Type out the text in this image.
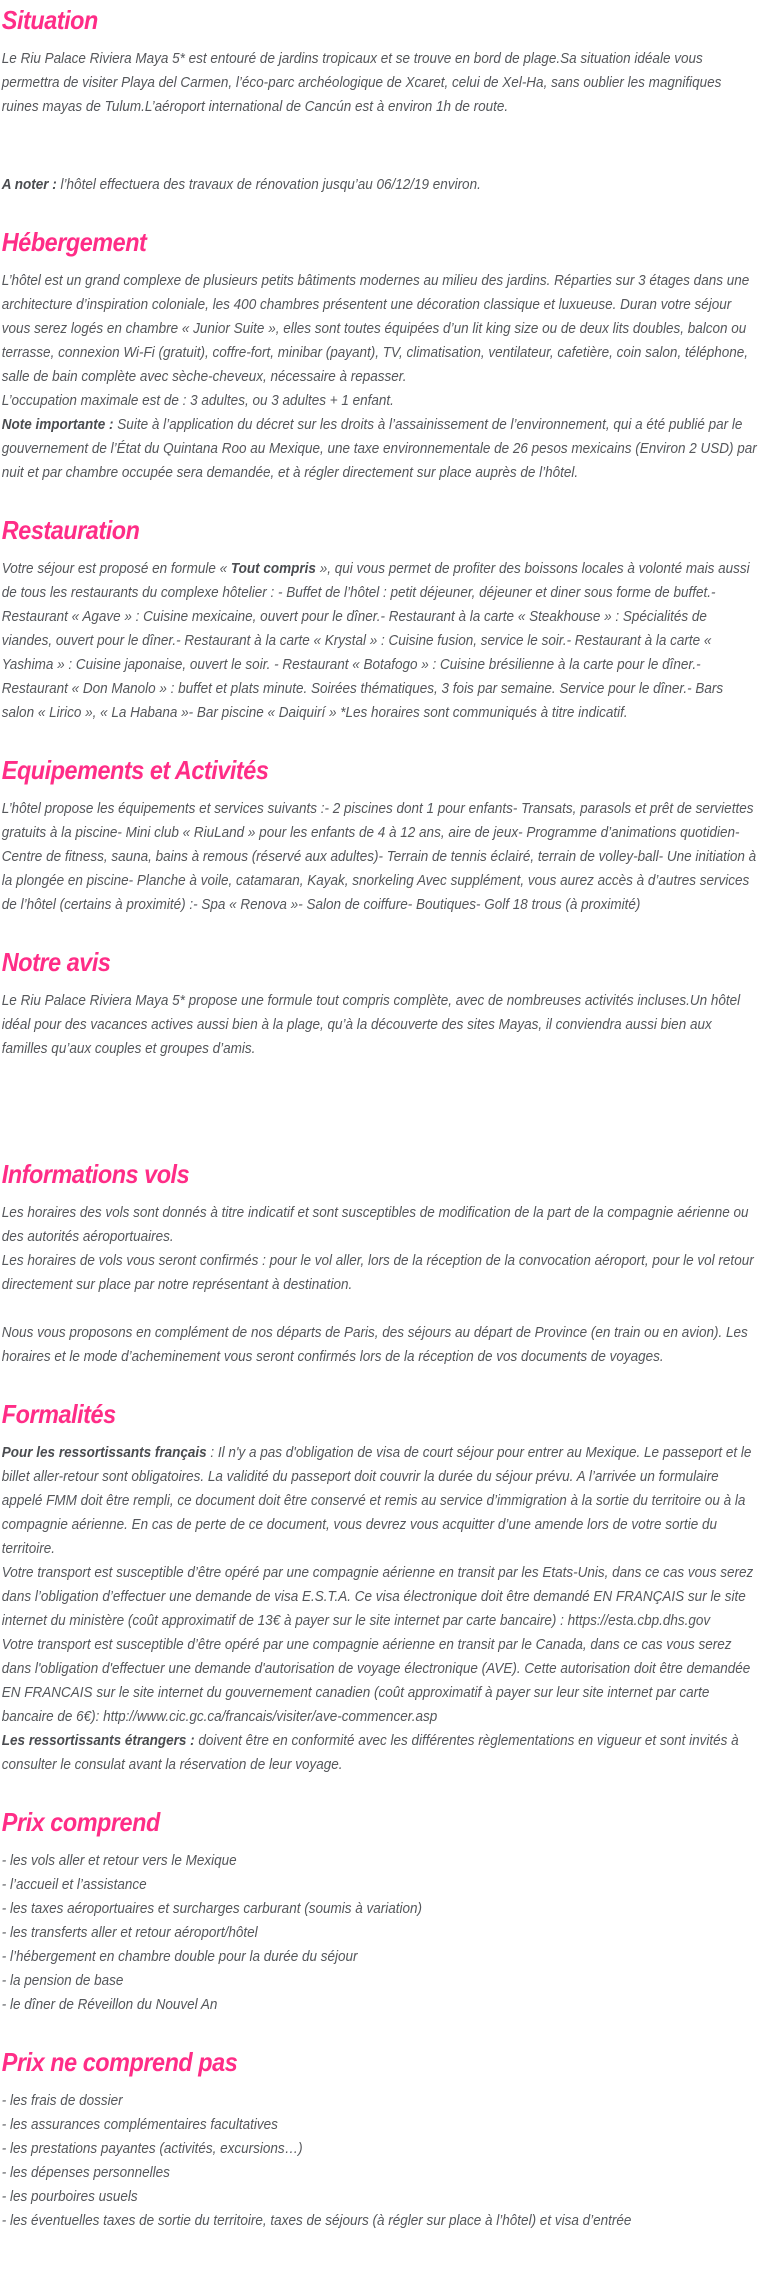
Situation

Le Riu Palace Riviera Maya 5* est entouré de jardins tropicaux et se trouve en bord de plage.Sa situation idéale vous permettra de visiter Playa del Carmen, l’éco-parc archéologique de Xcaret, celui de Xel-Ha, sans oublier les magnifiques ruines mayas de Tulum.L’aéroport international de Cancún est à environ 1h de route.

A noter : l’hôtel effectuera des travaux de rénovation jusqu’au 06/12/19 environ.

Hébergement

L’hôtel est un grand complexe de plusieurs petits bâtiments modernes au milieu des jardins. Réparties sur 3 étages dans une architecture d’inspiration coloniale, les 400 chambres présentent une décoration classique et luxueuse. Duran votre séjour vous serez logés en chambre « Junior Suite », elles sont toutes équipées d’un lit king size ou de deux lits doubles, balcon ou terrasse, connexion Wi-Fi (gratuit), coffre-fort, minibar (payant), TV, climatisation, ventilateur, cafetière, coin salon, téléphone, salle de bain complète avec sèche-cheveux, nécessaire à repasser.

L’occupation maximale est de : 3 adultes, ou 3 adultes + 1 enfant.

Note importante : Suite à l’application du décret sur les droits à l’assainissement de l’environnement, qui a été publié par le gouvernement de l’État du Quintana Roo au Mexique, une taxe environnementale de 26 pesos mexicains (Environ 2 USD) par nuit et par chambre occupée sera demandée, et à régler directement sur place auprès de l’hôtel.

Restauration

Votre séjour est proposé en formule « Tout compris », qui vous permet de profiter des boissons locales à volonté mais aussi de tous les restaurants du complexe hôtelier : - Buffet de l’hôtel : petit déjeuner, déjeuner et diner sous forme de buffet.- Restaurant « Agave » : Cuisine mexicaine, ouvert pour le dîner.- Restaurant à la carte « Steakhouse » : Spécialités de viandes, ouvert pour le dîner.- Restaurant à la carte « Krystal » : Cuisine fusion, service le soir.- Restaurant à la carte « Yashima » : Cuisine japonaise, ouvert le soir. - Restaurant « Botafogo » : Cuisine brésilienne à la carte pour le dîner.- Restaurant « Don Manolo » : buffet et plats minute. Soirées thématiques, 3 fois par semaine. Service pour le dîner.- Bars salon « Lirico », « La Habana »- Bar piscine « Daiquirí » *Les horaires sont communiqués à titre indicatif.

Equipements et Activités

L’hôtel propose les équipements et services suivants :- 2 piscines dont 1 pour enfants- Transats, parasols et prêt de serviettes gratuits à la piscine- Mini club « RiuLand » pour les enfants de 4 à 12 ans, aire de jeux- Programme d’animations quotidien- Centre de fitness, sauna, bains à remous (réservé aux adultes)- Terrain de tennis éclairé, terrain de volley-ball- Une initiation à la plongée en piscine- Planche à voile, catamaran, Kayak, snorkeling Avec supplément, vous aurez accès à d’autres services de l’hôtel (certains à proximité) :- Spa « Renova »- Salon de coiffure- Boutiques- Golf 18 trous (à proximité)

Notre avis

Le Riu Palace Riviera Maya 5* propose une formule tout compris complète, avec de nombreuses activités incluses.Un hôtel idéal pour des vacances actives aussi bien à la plage, qu’à la découverte des sites Mayas, il conviendra aussi bien aux familles qu’aux couples et groupes d’amis.

Informations vols

Les horaires des vols sont donnés à titre indicatif et sont susceptibles de modification de la part de la compagnie aérienne ou des autorités aéroportuaires.

Les horaires de vols vous seront confirmés : pour le vol aller, lors de la réception de la convocation aéroport, pour le vol retour directement sur place par notre représentant à destination.

Nous vous proposons en complément de nos départs de Paris, des séjours au départ de Province (en train ou en avion). Les horaires et le mode d’acheminement vous seront confirmés lors de la réception de vos documents de voyages.

Formalités

Pour les ressortissants français : Il n'y a pas d'obligation de visa de court séjour pour entrer au Mexique. Le passeport et le billet aller-retour sont obligatoires. La validité du passeport doit couvrir la durée du séjour prévu. A l’arrivée un formulaire appelé FMM doit être rempli, ce document doit être conservé et remis au service d’immigration à la sortie du territoire ou à la compagnie aérienne. En cas de perte de ce document, vous devrez vous acquitter d’une amende lors de votre sortie du territoire.

Votre transport est susceptible d’être opéré par une compagnie aérienne en transit par les Etats-Unis, dans ce cas vous serez dans l’obligation d’effectuer une demande de visa E.S.T.A. Ce visa électronique doit être demandé EN FRANÇAIS sur le site internet du ministère (coût approximatif de 13€ à payer sur le site internet par carte bancaire) : https://esta.cbp.dhs.gov

Votre transport est susceptible d’être opéré par une compagnie aérienne en transit par le Canada, dans ce cas vous serez dans l'obligation d'effectuer une demande d'autorisation de voyage électronique (AVE). Cette autorisation doit être demandée EN FRANCAIS sur le site internet du gouvernement canadien (coût approximatif à payer sur leur site internet par carte bancaire de 6€): http://www.cic.gc.ca/francais/visiter/ave-commencer.asp

Les ressortissants étrangers : doivent être en conformité avec les différentes règlementations en vigueur et sont invités à consulter le consulat avant la réservation de leur voyage.

Prix comprend

- les vols aller et retour vers le Mexique

- l’accueil et l’assistance

- les taxes aéroportuaires et surcharges carburant (soumis à variation)

- les transferts aller et retour aéroport/hôtel

- l’hébergement en chambre double pour la durée du séjour

- la pension de base

- le dîner de Réveillon du Nouvel An

Prix ne comprend pas

- les frais de dossier

- les assurances complémentaires facultatives

- les prestations payantes (activités, excursions…)

- les dépenses personnelles

- les pourboires usuels

- les éventuelles taxes de sortie du territoire, taxes de séjours (à régler sur place à l’hôtel) et visa d’entrée
